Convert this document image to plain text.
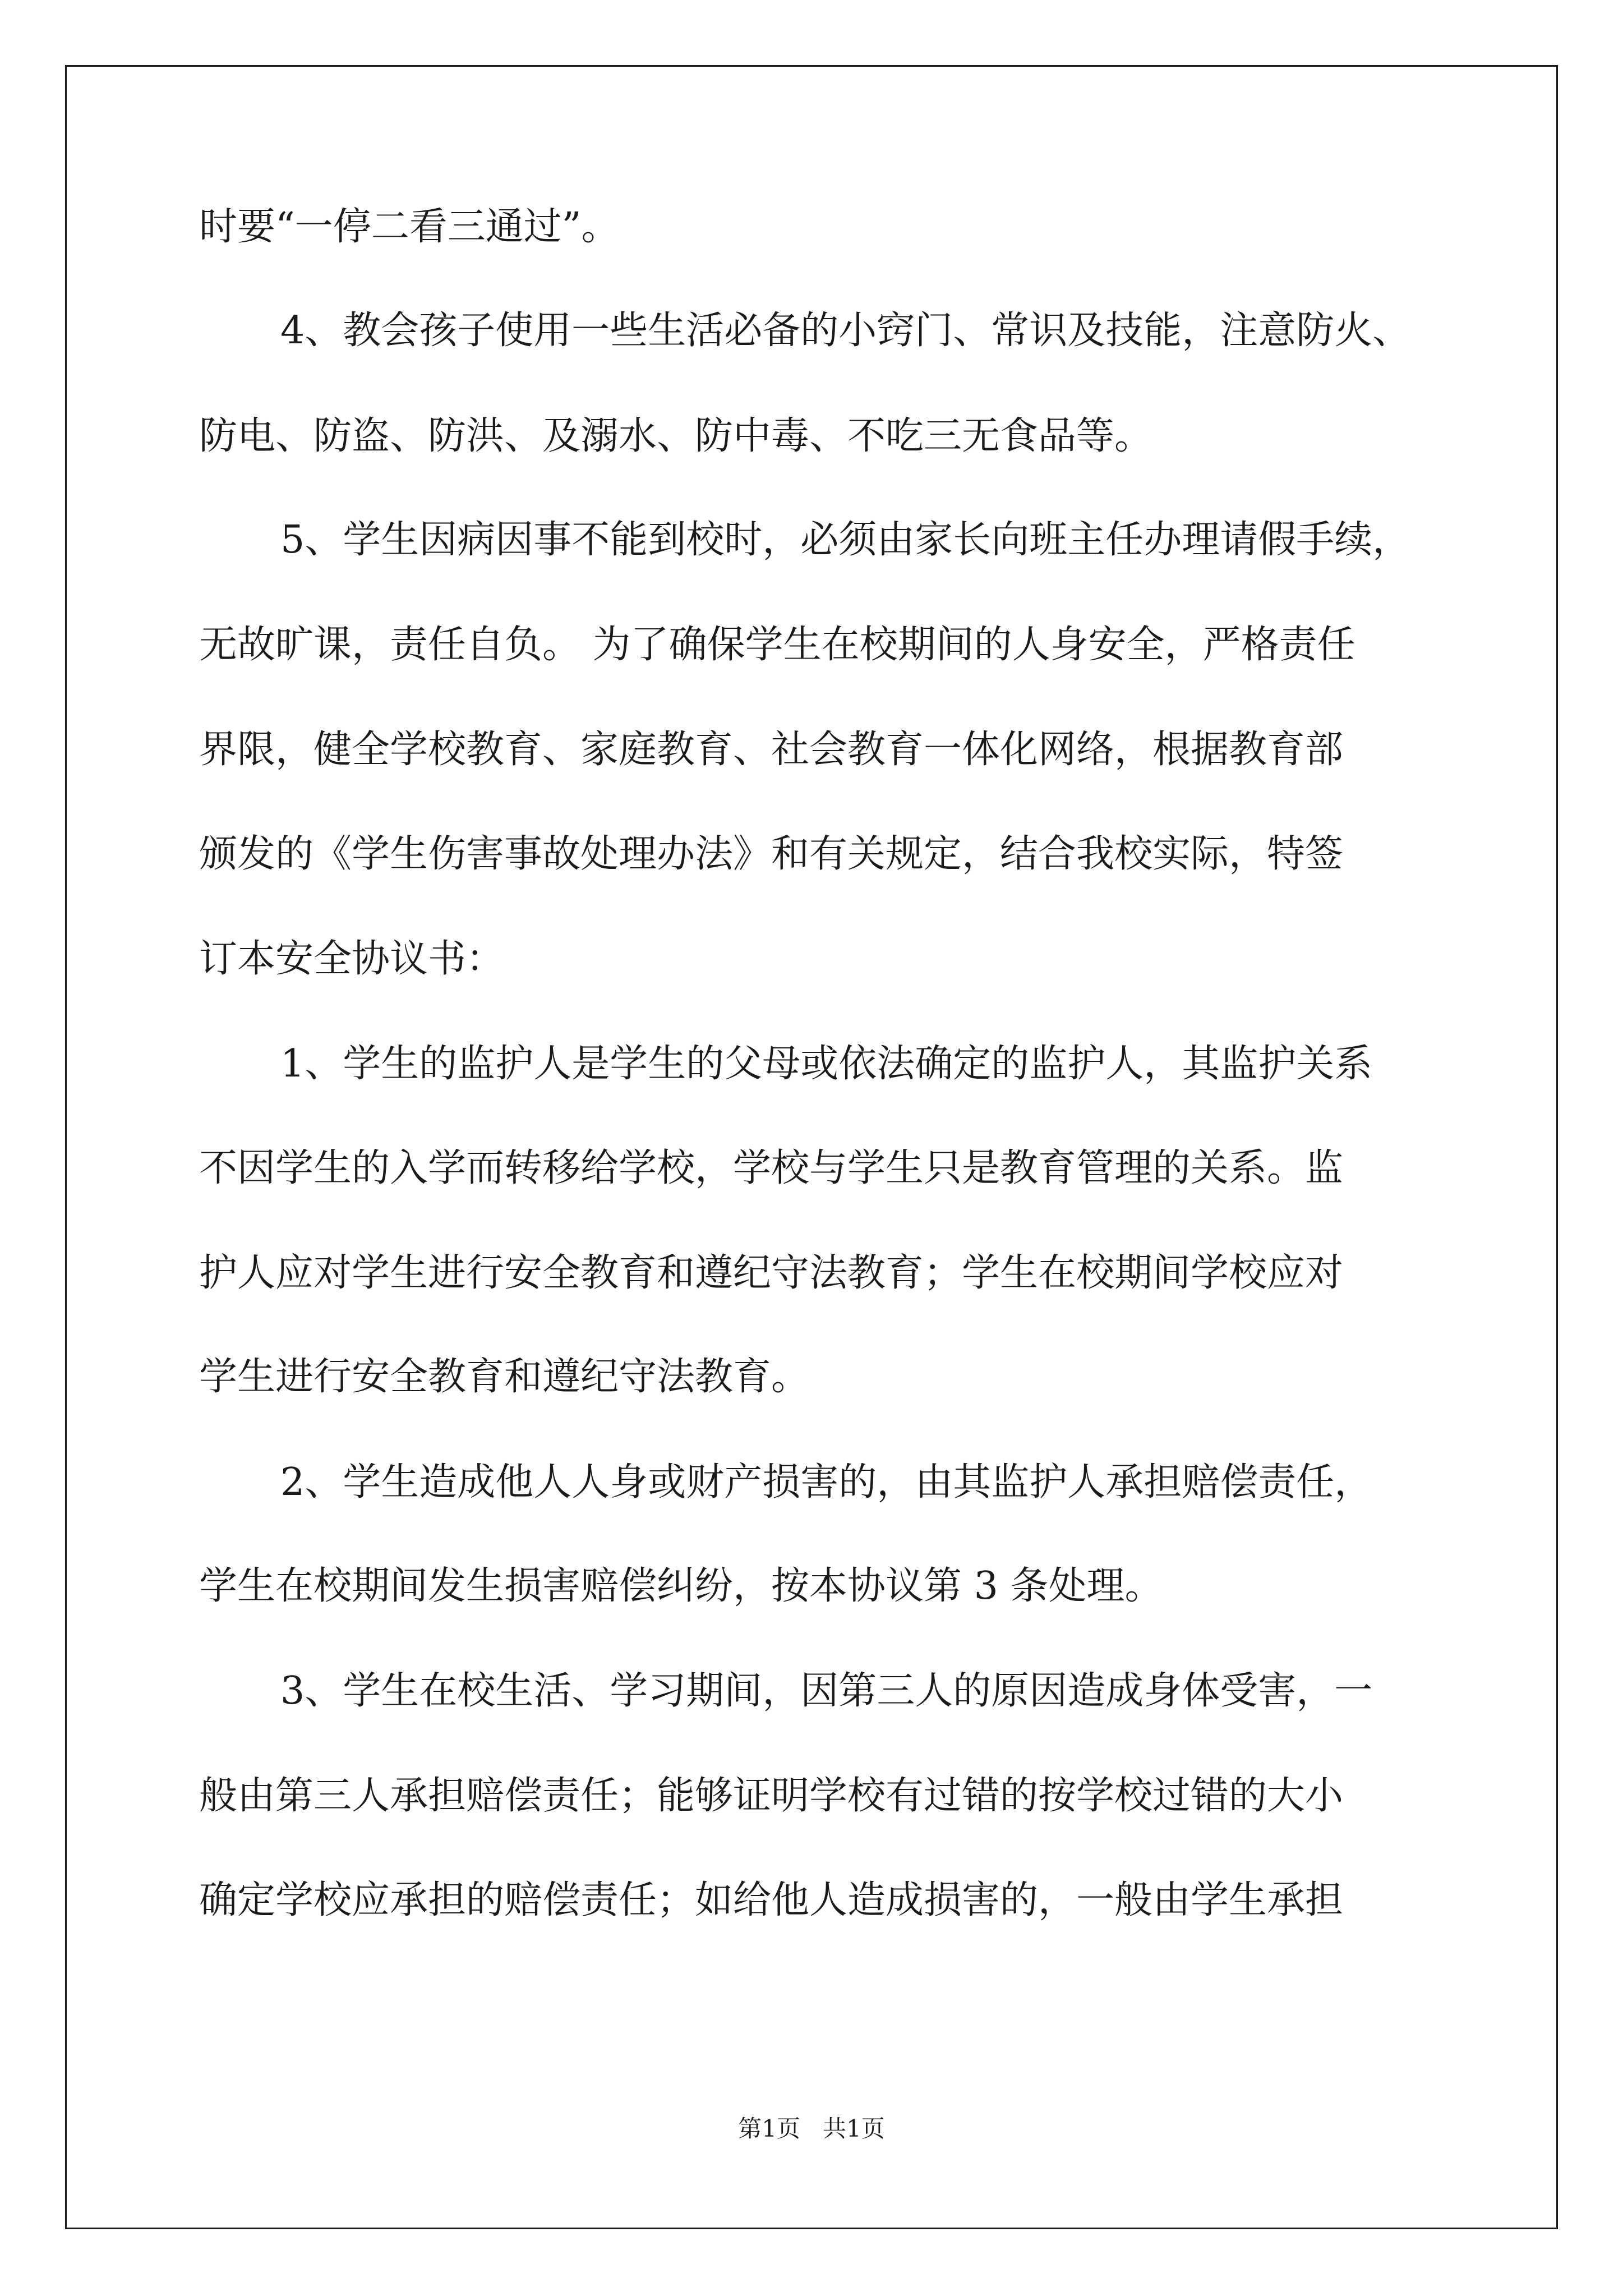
时要“一停二看三通过”。
4、教会孩子使用一些生活必备的小窍门、常识及技能，注意防火、
防电、防盗、防洪、及溺水、防中毒、不吃三无食品等。
5、学生因病因事不能到校时，必须由家长向班主任办理请假手续，
无故旷课，责任自负。 为了确保学生在校期间的人身安全，严格责任
界限，健全学校教育、家庭教育、社会教育一体化网络，根据教育部
颁发的《学生伤害事故处理办法》和有关规定，结合我校实际，特签
订本安全协议书：
1、学生的监护人是学生的父母或依法确定的监护人，其监护关系
不因学生的入学而转移给学校，学校与学生只是教育管理的关系。监
护人应对学生进行安全教育和遵纪守法教育；学生在校期间学校应对
学生进行安全教育和遵纪守法教育。
2、学生造成他人人身或财产损害的，由其监护人承担赔偿责任，
学生在校期间发生损害赔偿纠纷，按本协议第 3 条处理。
3、学生在校生活、学习期间，因第三人的原因造成身体受害，一
般由第三人承担赔偿责任；能够证明学校有过错的按学校过错的大小
确定学校应承担的赔偿责任；如给他人造成损害的，一般由学生承担
第1页   共1页
